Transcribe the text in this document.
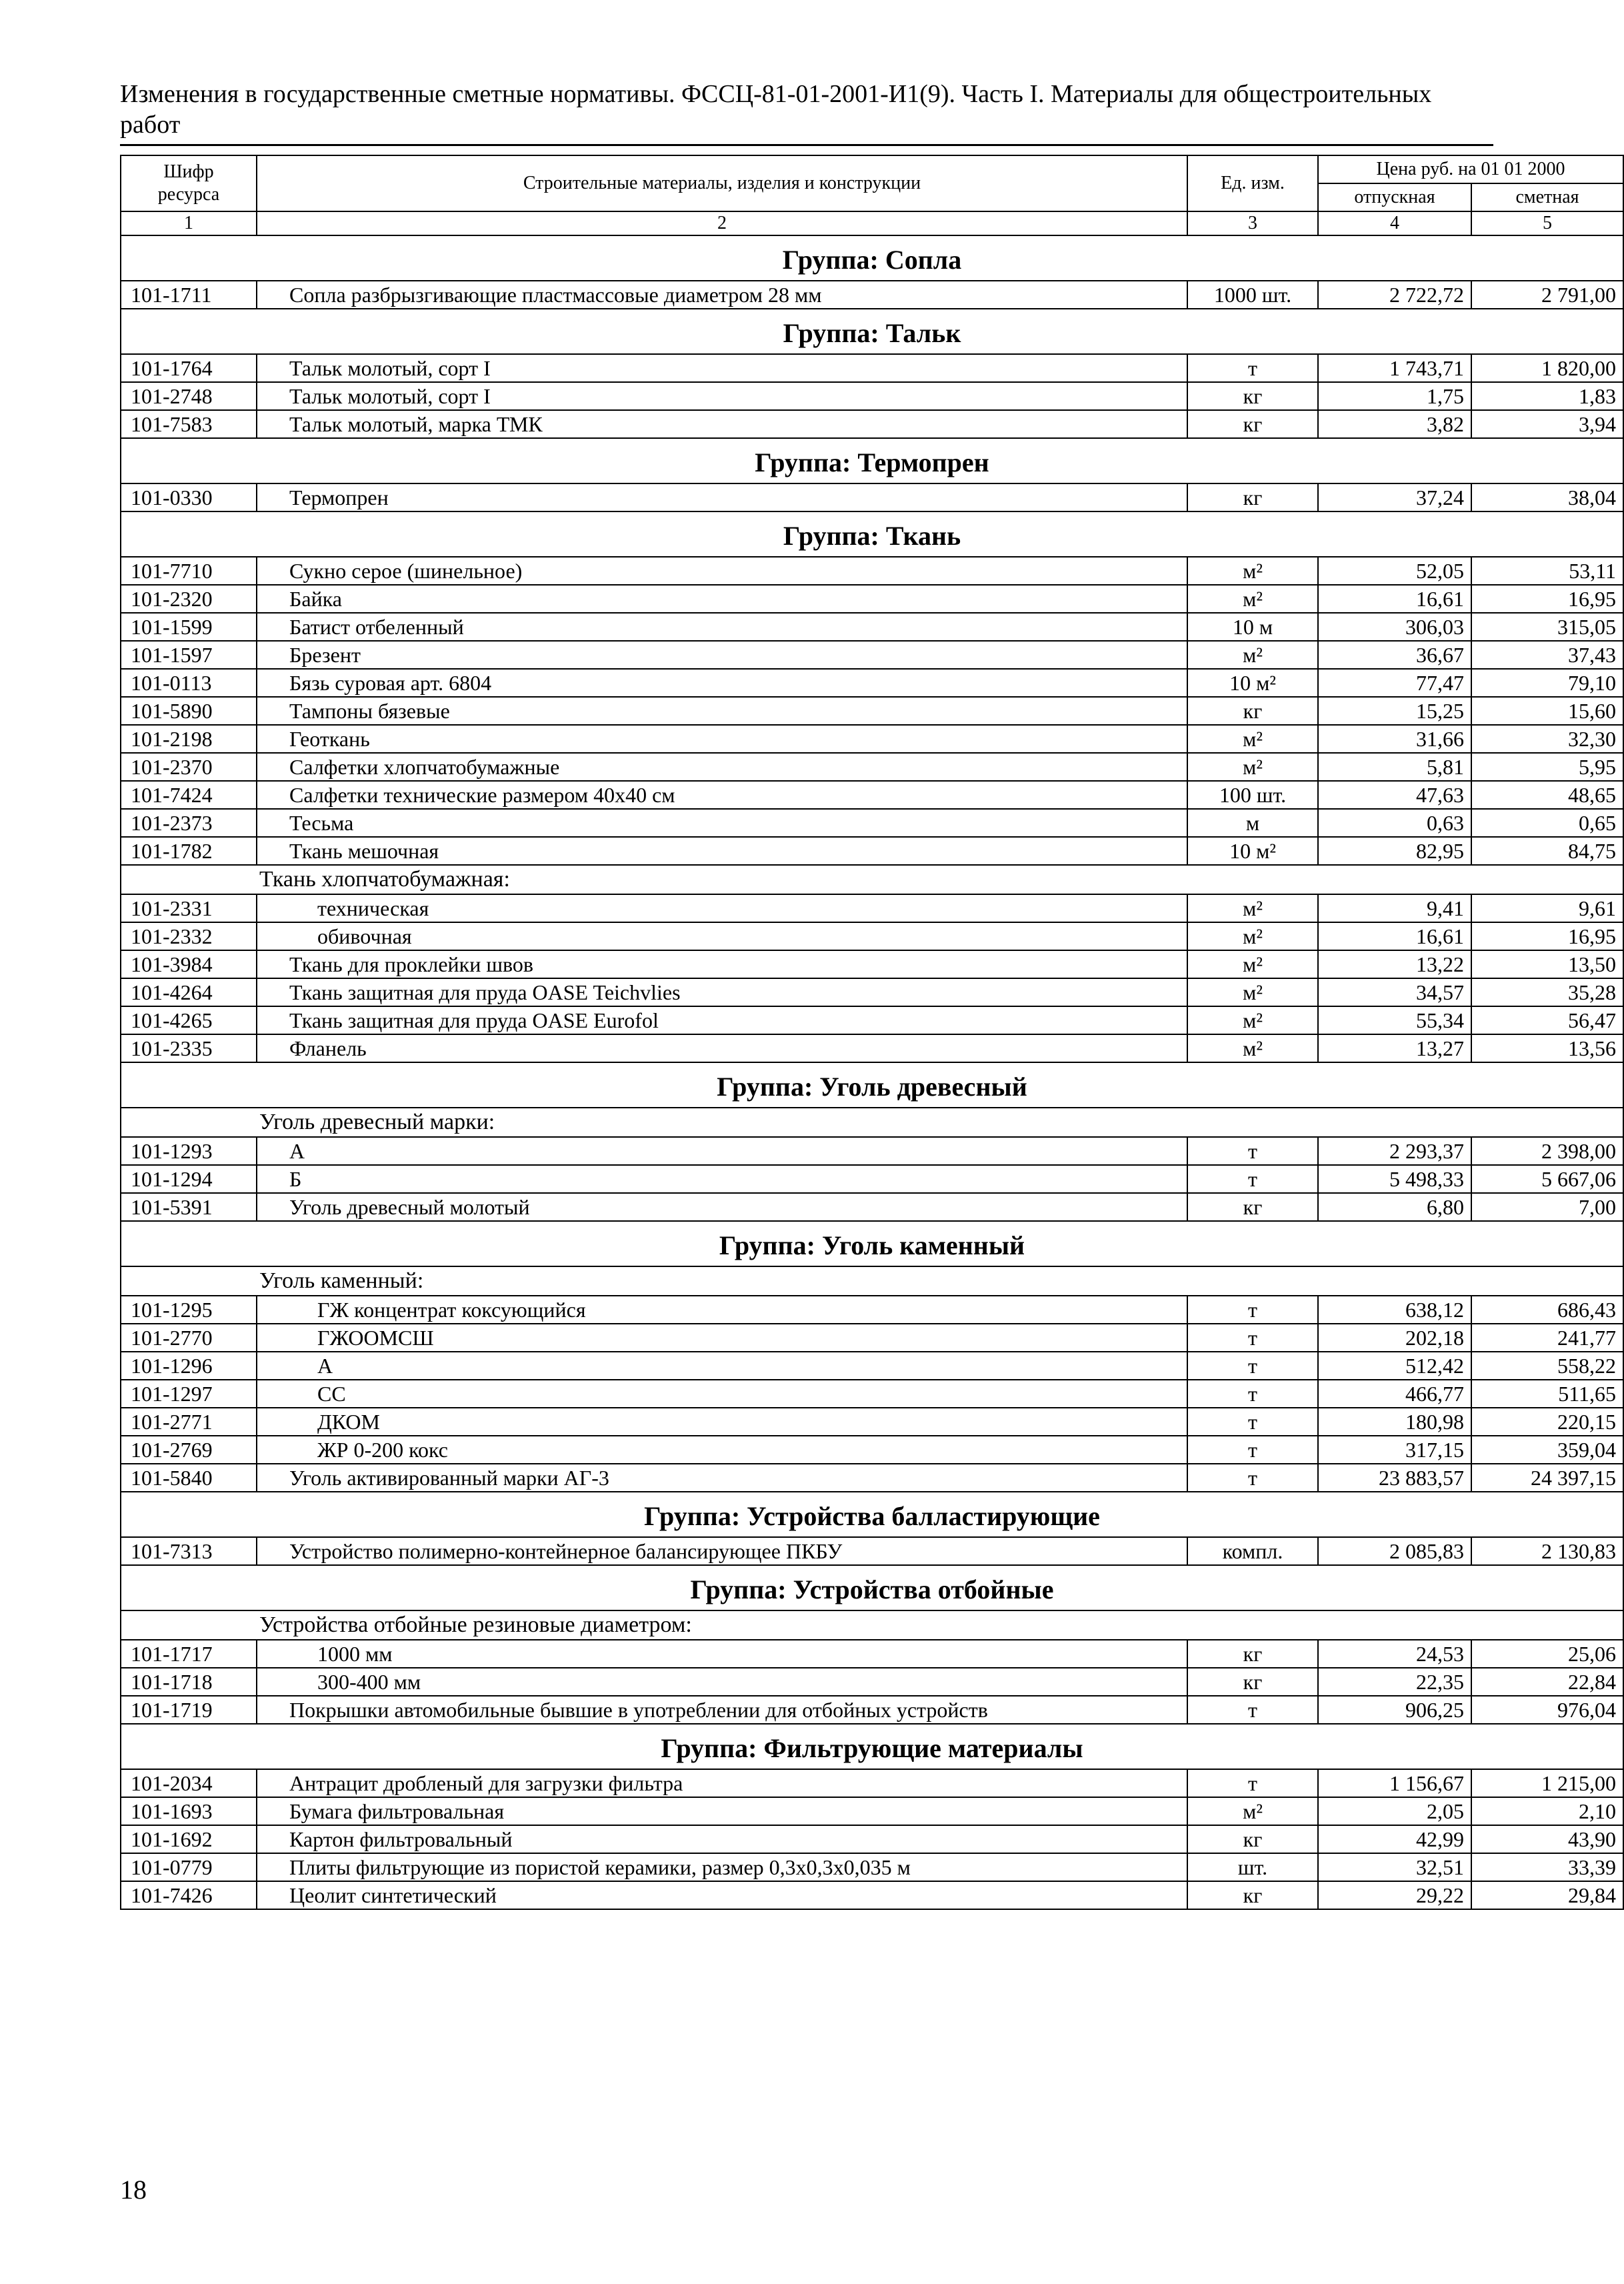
Изменения в государственные сметные нормативы. ФССЦ-81-01-2001-И1(9). Часть I. Материалы для общестроительных работ
Шифр ресурса	Строительные материалы, изделия и конструкции	Ед. изм.	Цена руб. на 01 01 2000	
			отпускная	сметная
1	2	3	4	5
Группа: Сопла				
101-1711	Сопла разбрызгивающие пластмассовые диаметром 28 мм	1000 шт.	2 722,72	2 791,00
Группа: Тальк				
101-1764	Тальк молотый, сорт I	т	1 743,71	1 820,00
101-2748	Тальк молотый, сорт I	кг	1,75	1,83
101-7583	Тальк молотый, марка ТМК	кг	3,82	3,94
Группа: Термопрен				
101-0330	Термопрен	кг	37,24	38,04
Группа: Ткань				
101-7710	Сукно серое (шинельное)	м²	52,05	53,11
101-2320	Байка	м²	16,61	16,95
101-1599	Батист отбеленный	10 м	306,03	315,05
101-1597	Брезент	м²	36,67	37,43
101-0113	Бязь суровая арт. 6804	10 м²	77,47	79,10
101-5890	Тампоны бязевые	кг	15,25	15,60
101-2198	Геоткань	м²	31,66	32,30
101-2370	Салфетки хлопчатобумажные	м²	5,81	5,95
101-7424	Салфетки технические размером 40х40 см	100 шт.	47,63	48,65
101-2373	Тесьма	м	0,63	0,65
101-1782	Ткань мешочная	10 м²	82,95	84,75
	Ткань хлопчатобумажная:			
101-2331	техническая	м²	9,41	9,61
101-2332	обивочная	м²	16,61	16,95
101-3984	Ткань для проклейки швов	м²	13,22	13,50
101-4264	Ткань защитная для пруда OASE Teichvlies	м²	34,57	35,28
101-4265	Ткань защитная для пруда OASE Eurofol	м²	55,34	56,47
101-2335	Фланель	м²	13,27	13,56
Группа: Уголь древесный				
	Уголь древесный марки:			
101-1293	А	т	2 293,37	2 398,00
101-1294	Б	т	5 498,33	5 667,06
101-5391	Уголь древесный молотый	кг	6,80	7,00
Группа: Уголь каменный				
	Уголь каменный:			
101-1295	ГЖ концентрат коксующийся	т	638,12	686,43
101-2770	ГЖООМСШ	т	202,18	241,77
101-1296	А	т	512,42	558,22
101-1297	СС	т	466,77	511,65
101-2771	ДКОМ	т	180,98	220,15
101-2769	ЖР 0-200 кокс	т	317,15	359,04
101-5840	Уголь активированный марки АГ-3	т	23 883,57	24 397,15
Группа: Устройства балластирующие				
101-7313	Устройство полимерно-контейнерное балансирующее ПКБУ	компл.	2 085,83	2 130,83
Группа: Устройства отбойные				
	Устройства отбойные резиновые диаметром:			
101-1717	1000 мм	кг	24,53	25,06
101-1718	300-400 мм	кг	22,35	22,84
101-1719	Покрышки автомобильные бывшие в употреблении для отбойных устройств	т	906,25	976,04
Группа: Фильтрующие материалы				
101-2034	Антрацит дробленый для загрузки фильтра	т	1 156,67	1 215,00
101-1693	Бумага фильтровальная	м²	2,05	2,10
101-1692	Картон фильтровальный	кг	42,99	43,90
101-0779	Плиты фильтрующие из пористой керамики, размер 0,3х0,3х0,035 м	шт.	32,51	33,39
101-7426	Цеолит синтетический	кг	29,22	29,84
18
